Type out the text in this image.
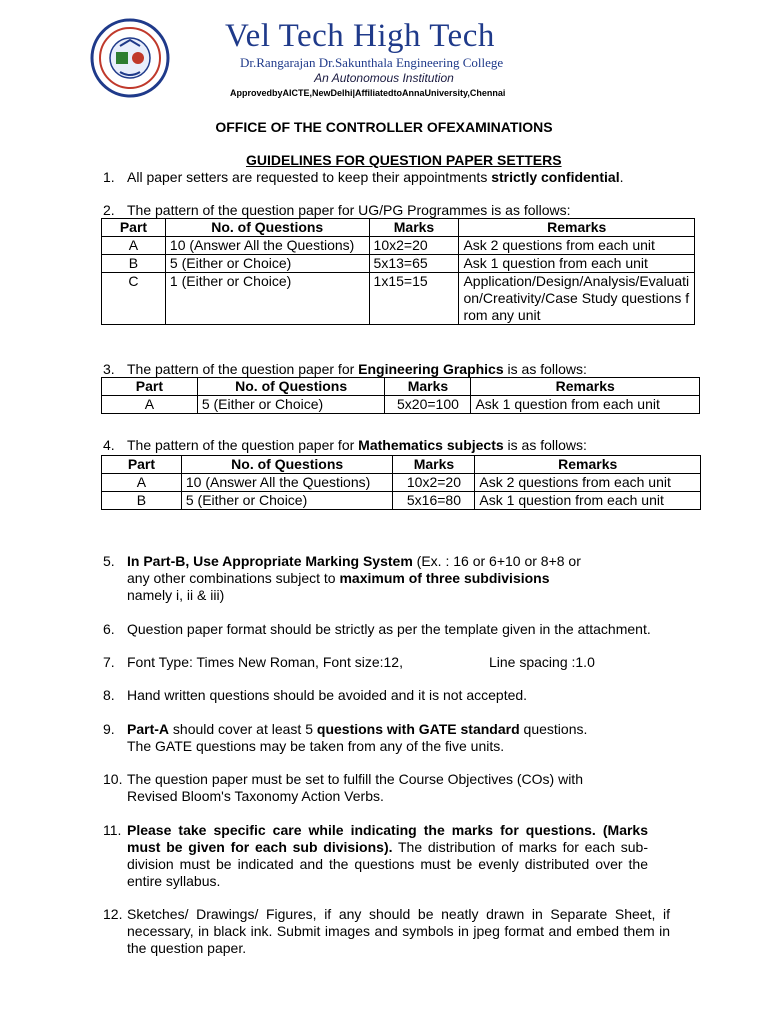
Vel Tech High Tech
Dr.Rangarajan Dr.Sakunthala Engineering College
An Autonomous Institution
ApprovedbyAICTE,NewDelhi|AffiliatedtoAnnaUniversity,Chennai
OFFICE OF THE CONTROLLER OFEXAMINATIONS
GUIDELINES FOR QUESTION PAPER SETTERS
1. All paper setters are requested to keep their appointments strictly confidential.
2. The pattern of the question paper for UG/PG Programmes is as follows:
Part	No. of Questions	Marks	Remarks
A	10 (Answer All the Questions)	10x2=20	Ask 2 questions from each unit
B	5 (Either or Choice)	5x13=65	Ask 1 question from each unit
C	1 (Either or Choice)	1x15=15	Application/Design/Analysis/Evaluation/Creativity/Case Study questions from any unit
3. The pattern of the question paper for Engineering Graphics is as follows:
Part	No. of Questions	Marks	Remarks
A	5 (Either or Choice)	5x20=100	Ask 1 question from each unit
4. The pattern of the question paper for Mathematics subjects is as follows:
Part	No. of Questions	Marks	Remarks
A	10 (Answer All the Questions)	10x2=20	Ask 2 questions from each unit
B	5 (Either or Choice)	5x16=80	Ask 1 question from each unit
5. In Part-B, Use Appropriate Marking System (Ex. : 16 or 6+10 or 8+8 or
any other combinations subject to maximum of three subdivisions
namely i, ii & iii)
6. Question paper format should be strictly as per the template given in the attachment.
7. Font Type: Times New Roman, Font size:12,	Line spacing :1.0
8. Hand written questions should be avoided and it is not accepted.
9. Part-A should cover at least 5 questions with GATE standard questions.
The GATE questions may be taken from any of the five units.
10. The question paper must be set to fulfill the Course Objectives (COs) with
Revised Bloom's Taxonomy Action Verbs.
11. Please take specific care while indicating the marks for questions. (Marks must be given for each sub divisions). The distribution of marks for each sub-division must be indicated and the questions must be evenly distributed over the entire syllabus.
12. Sketches/ Drawings/ Figures, if any should be neatly drawn in Separate Sheet, if necessary, in black ink. Submit images and symbols in jpeg format and embed them in the question paper.
